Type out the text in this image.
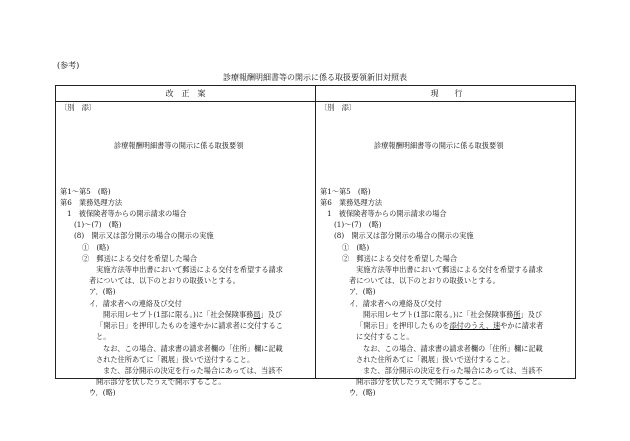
(参考)
診療報酬明細書等の開示に係る取扱要領新旧対照表
改　正　案	現　　行
〔別　添〕
診療報酬明細書等の開示に係る取扱要領
第1～第5　(略)
第6　業務処理方法
1　被保険者等からの開示請求の場合
(1)～(7)　(略)
(8)　開示又は部分開示の場合の開示の実施
①　(略)
②　郵送による交付を希望した場合
実施方法等申出書において郵送による交付を希望する請求
者については、以下のとおりの取扱いとする。
ア．(略)
イ．請求者への連絡及び交付
開示用レセプト(1部に限る。)に「社会保険事務局」及び
「開示日」を押印したものを速やかに請求者に交付するこ
と。
なお、この場合、請求書の請求者欄の「住所」欄に記載
された住所あてに「親展」扱いで送付すること。
また、部分開示の決定を行った場合にあっては、当該不
開示部分を伏したうえで開示すること。
ウ．(略)
〔別　添〕
診療報酬明細書等の開示に係る取扱要領
第1～第5　(略)
第6　業務処理方法
1　被保険者等からの開示請求の場合
(1)～(7)　(略)
(8)　開示又は部分開示の場合の開示の実施
①　(略)
②　郵送による交付を希望した場合
実施方法等申出書において郵送による交付を希望する請求
者については、以下のとおりの取扱いとする。
ア．(略)
イ．請求者への連絡及び交付
開示用レセプト(1部に限る。)に「社会保険事務所」及び
「開示日」を押印したものを添付のうえ、速やかに請求者
に交付すること。
なお、この場合、請求書の請求者欄の「住所」欄に記載
された住所あてに「親展」扱いで送付すること。
また、部分開示の決定を行った場合にあっては、当該不
開示部分を伏したうえで開示すること。
ウ．(略)
